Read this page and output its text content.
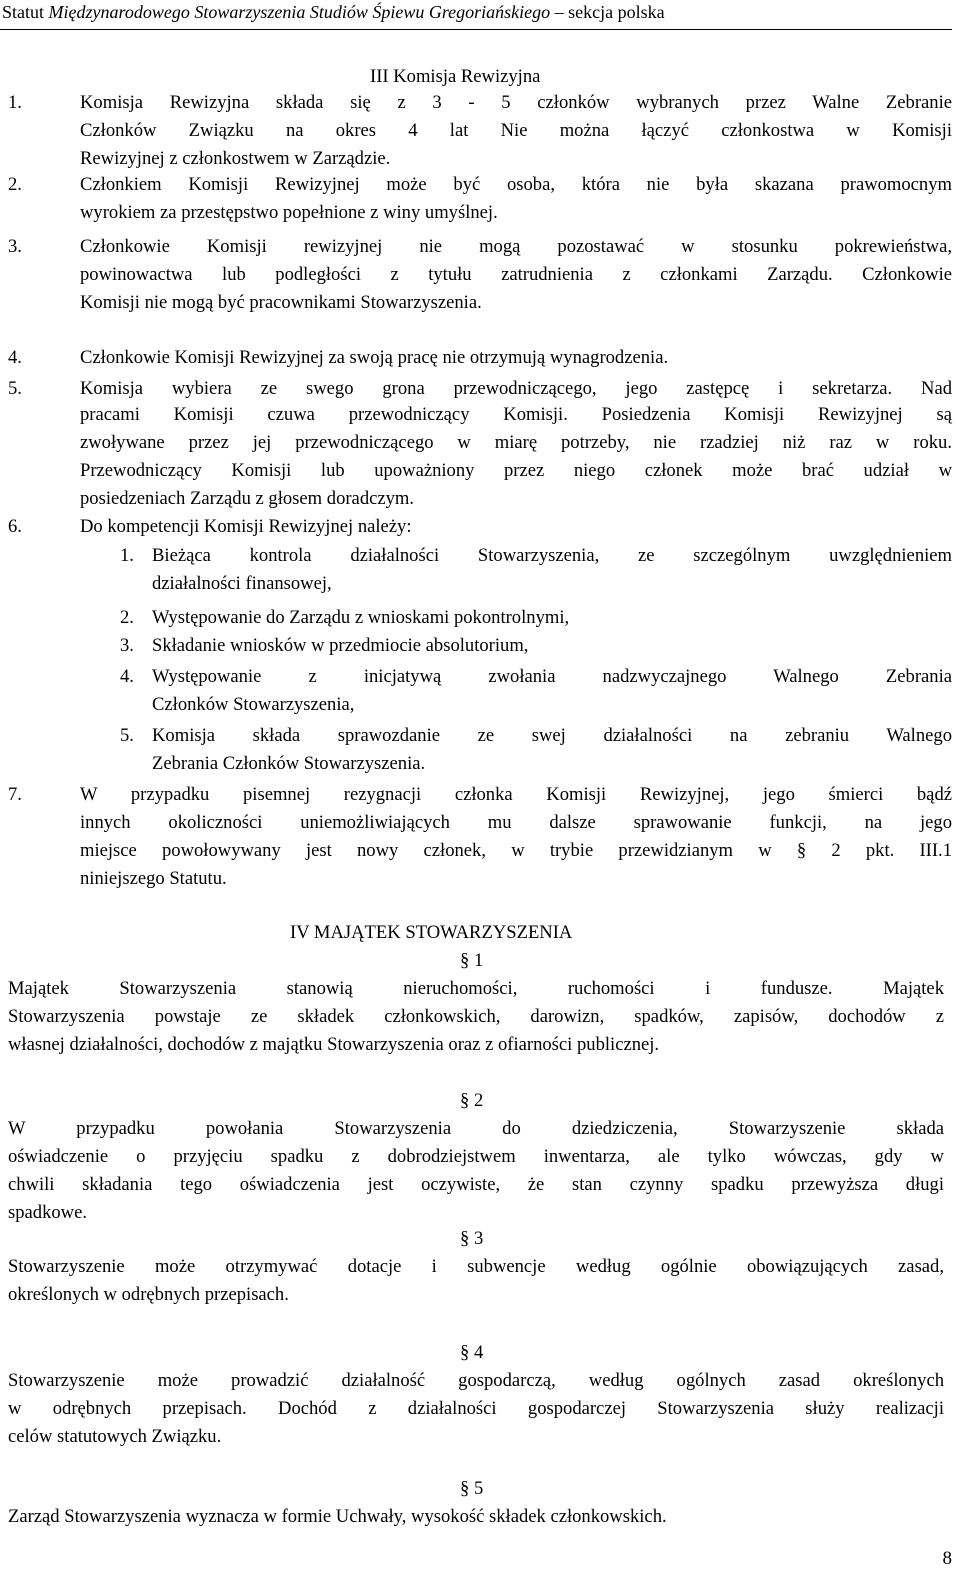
Statut Międzynarodowego Stowarzyszenia Studiów Śpiewu Gregoriańskiego – sekcja polska
III Komisja Rewizyjna
1.	Komisja Rewizyjna składa się z 3 - 5 członków wybranych przez Walne Zebranie
Członków Związku na okres 4 lat Nie można łączyć członkostwa w Komisji
Rewizyjnej z członkostwem w Zarządzie.
2.	Członkiem Komisji Rewizyjnej może być osoba, która nie była skazana prawomocnym
wyrokiem za przestępstwo popełnione z winy umyślnej.
3.	Członkowie Komisji rewizyjnej nie mogą pozostawać w stosunku pokrewieństwa,
powinowactwa lub podległości z tytułu zatrudnienia z członkami Zarządu. Członkowie
Komisji nie mogą być pracownikami Stowarzyszenia.
4.	Członkowie Komisji Rewizyjnej za swoją pracę nie otrzymują wynagrodzenia.
5.	Komisja wybiera ze swego grona przewodniczącego, jego zastępcę i sekretarza. Nad
pracami Komisji czuwa przewodniczący Komisji. Posiedzenia Komisji Rewizyjnej są
zwoływane przez jej przewodniczącego w miarę potrzeby, nie rzadziej niż raz w roku.
Przewodniczący Komisji lub upoważniony przez niego członek może brać udział w
posiedzeniach Zarządu z głosem doradczym.
6.	Do kompetencji Komisji Rewizyjnej należy:
1. Bieżąca kontrola działalności Stowarzyszenia, ze szczególnym uwzględnieniem
działalności finansowej,
2. Występowanie do Zarządu z wnioskami pokontrolnymi,
3. Składanie wniosków w przedmiocie absolutorium,
4. Występowanie z inicjatywą zwołania nadzwyczajnego Walnego Zebrania
Członków Stowarzyszenia,
5. Komisja składa sprawozdanie ze swej działalności na zebraniu Walnego
Zebrania Członków Stowarzyszenia.
7.	W przypadku pisemnej rezygnacji członka Komisji Rewizyjnej, jego śmierci bądź
innych okoliczności uniemożliwiających mu dalsze sprawowanie funkcji, na jego
miejsce powołowywany jest nowy członek, w trybie przewidzianym w § 2 pkt. III.1
niniejszego Statutu.
IV MAJĄTEK STOWARZYSZENIA
§ 1
Majątek Stowarzyszenia stanowią nieruchomości, ruchomości i fundusze. Majątek
Stowarzyszenia powstaje ze składek członkowskich, darowizn, spadków, zapisów, dochodów z
własnej działalności, dochodów z majątku Stowarzyszenia oraz z ofiarności publicznej.
§ 2
W przypadku powołania Stowarzyszenia do dziedziczenia, Stowarzyszenie składa
oświadczenie o przyjęciu spadku z dobrodziejstwem inwentarza, ale tylko wówczas, gdy w
chwili składania tego oświadczenia jest oczywiste, że stan czynny spadku przewyższa długi
spadkowe.
§ 3
Stowarzyszenie może otrzymywać dotacje i subwencje według ogólnie obowiązujących zasad,
określonych w odrębnych przepisach.
§ 4
Stowarzyszenie może prowadzić działalność gospodarczą, według ogólnych zasad określonych
w odrębnych przepisach. Dochód z działalności gospodarczej Stowarzyszenia służy realizacji
celów statutowych Związku.
§ 5
Zarząd Stowarzyszenia wyznacza w formie Uchwały, wysokość składek członkowskich.
8
